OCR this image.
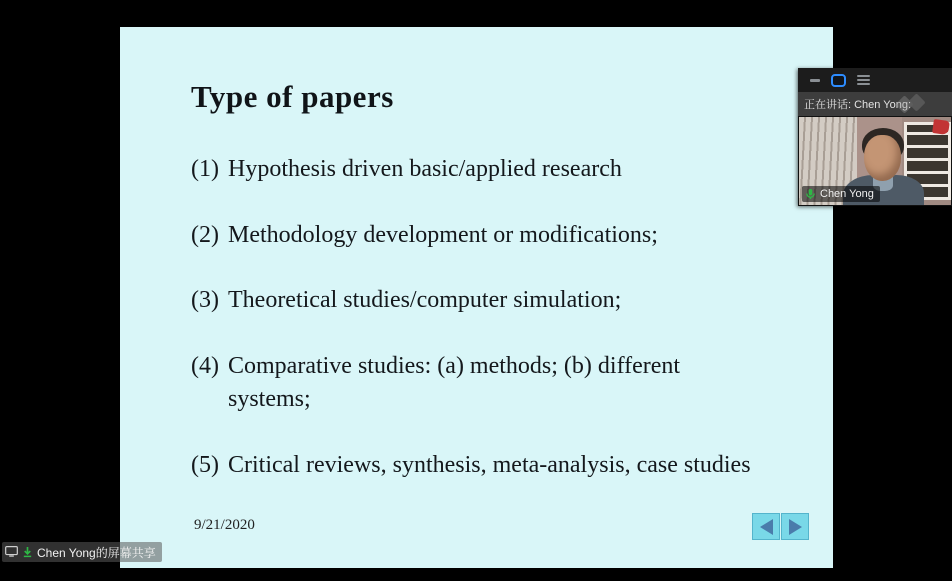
Type of papers
(1) Hypothesis driven basic/applied research
(2) Methodology development or modifications;
(3) Theoretical studies/computer simulation;
(4) Comparative studies: (a) methods; (b) different systems;
(5) Critical reviews, synthesis, meta-analysis, case studies
9/21/2020
正在讲话: Chen Yong:
Chen Yong
Chen Yong的屏幕共享
